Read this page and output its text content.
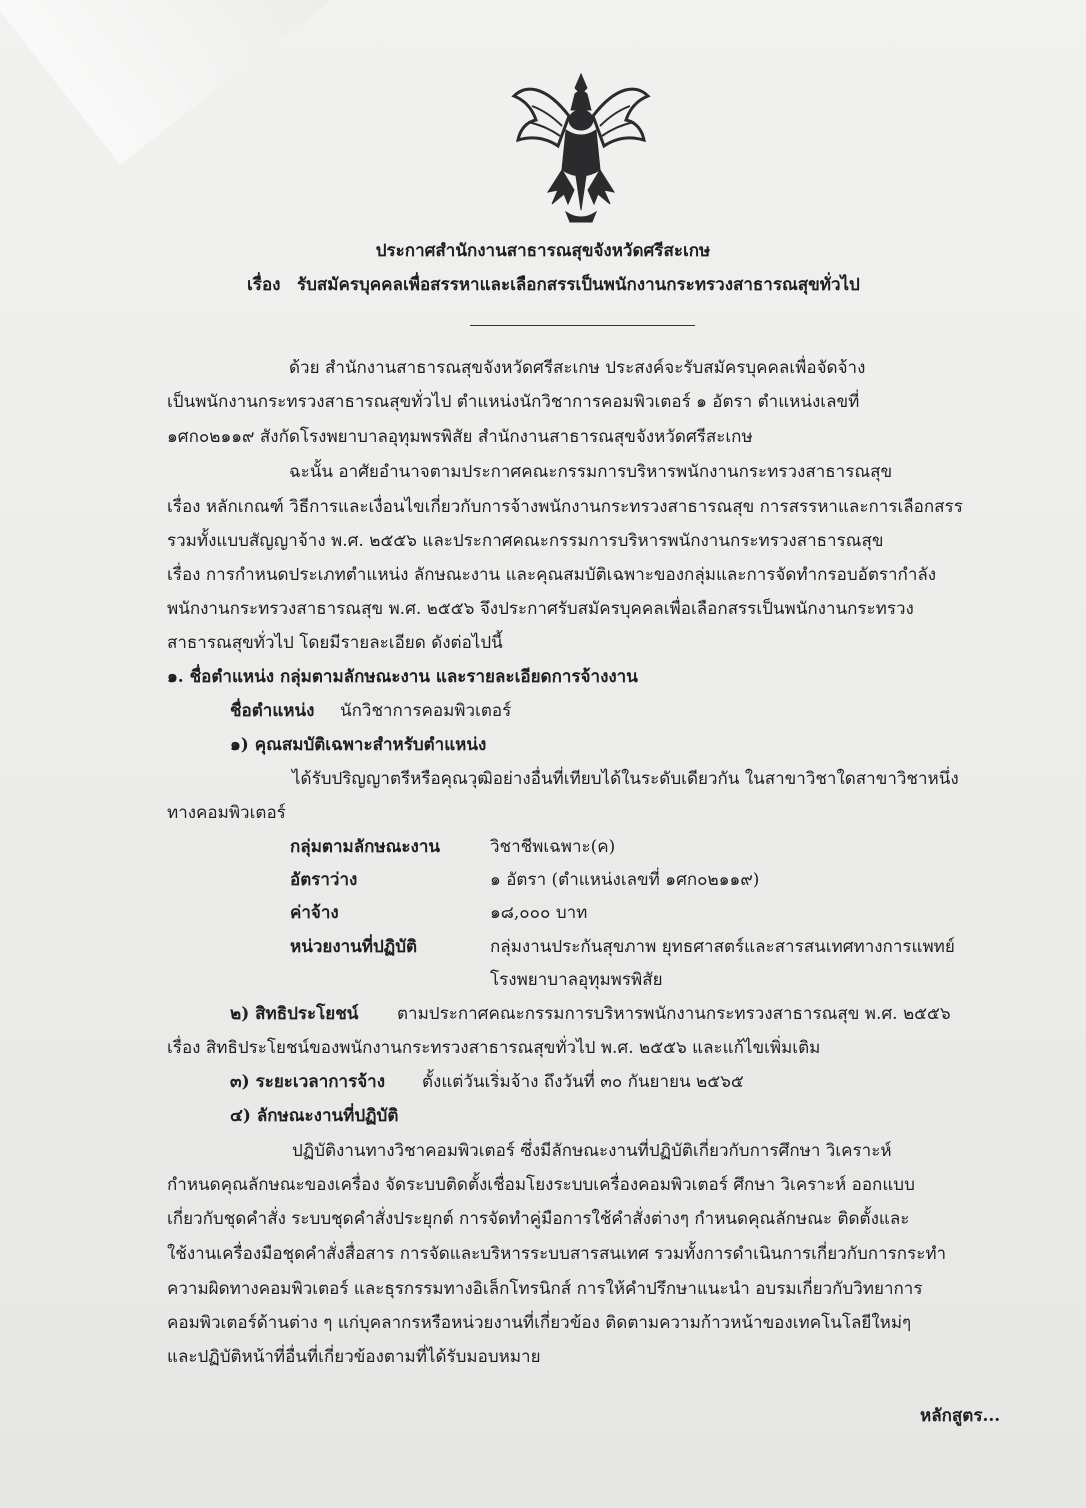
ประกาศสำนักงานสาธารณสุขจังหวัดศรีสะเกษ
เรื่อง รับสมัครบุคคลเพื่อสรรหาและเลือกสรรเป็นพนักงานกระทรวงสาธารณสุขทั่วไป
ด้วย สำนักงานสาธารณสุขจังหวัดศรีสะเกษ ประสงค์จะรับสมัครบุคคลเพื่อจัดจ้าง
เป็นพนักงานกระทรวงสาธารณสุขทั่วไป ตำแหน่งนักวิชาการคอมพิวเตอร์ ๑ อัตรา ตำแหน่งเลขที่
๑ศก๐๒๑๑๙ สังกัดโรงพยาบาลอุทุมพรพิสัย สำนักงานสาธารณสุขจังหวัดศรีสะเกษ
ฉะนั้น อาศัยอำนาจตามประกาศคณะกรรมการบริหารพนักงานกระทรวงสาธารณสุข
เรื่อง หลักเกณฑ์ วิธีการและเงื่อนไขเกี่ยวกับการจ้างพนักงานกระทรวงสาธารณสุข การสรรหาและการเลือกสรร
รวมทั้งแบบสัญญาจ้าง พ.ศ. ๒๕๕๖ และประกาศคณะกรรมการบริหารพนักงานกระทรวงสาธารณสุข
เรื่อง การกำหนดประเภทตำแหน่ง ลักษณะงาน และคุณสมบัติเฉพาะของกลุ่มและการจัดทำกรอบอัตรากำลัง
พนักงานกระทรวงสาธารณสุข พ.ศ. ๒๕๕๖ จึงประกาศรับสมัครบุคคลเพื่อเลือกสรรเป็นพนักงานกระทรวง
สาธารณสุขทั่วไป โดยมีรายละเอียด ดังต่อไปนี้
๑. ชื่อตำแหน่ง กลุ่มตามลักษณะงาน และรายละเอียดการจ้างงาน
ชื่อตำแหน่ง นักวิชาการคอมพิวเตอร์
๑) คุณสมบัติเฉพาะสำหรับตำแหน่ง
ได้รับปริญญาตรีหรือคุณวุฒิอย่างอื่นที่เทียบได้ในระดับเดียวกัน ในสาขาวิชาใดสาขาวิชาหนึ่ง
ทางคอมพิวเตอร์
กลุ่มตามลักษณะงาน	วิชาชีพเฉพาะ(ค)
อัตราว่าง	๑ อัตรา (ตำแหน่งเลขที่ ๑ศก๐๒๑๑๙)
ค่าจ้าง	๑๘,๐๐๐ บาท
หน่วยงานที่ปฏิบัติ	กลุ่มงานประกันสุขภาพ ยุทธศาสตร์และสารสนเทศทางการแพทย์
โรงพยาบาลอุทุมพรพิสัย
๒) สิทธิประโยชน์ ตามประกาศคณะกรรมการบริหารพนักงานกระทรวงสาธารณสุข พ.ศ. ๒๕๕๖
เรื่อง สิทธิประโยชน์ของพนักงานกระทรวงสาธารณสุขทั่วไป พ.ศ. ๒๕๕๖ และแก้ไขเพิ่มเติม
๓) ระยะเวลาการจ้าง ตั้งแต่วันเริ่มจ้าง ถึงวันที่ ๓๐ กันยายน ๒๕๖๕
๔) ลักษณะงานที่ปฏิบัติ
ปฏิบัติงานทางวิชาคอมพิวเตอร์ ซึ่งมีลักษณะงานที่ปฏิบัติเกี่ยวกับการศึกษา วิเคราะห์
กำหนดคุณลักษณะของเครื่อง จัดระบบติดตั้งเชื่อมโยงระบบเครื่องคอมพิวเตอร์ ศึกษา วิเคราะห์ ออกแบบ
เกี่ยวกับชุดคำสั่ง ระบบชุดคำสั่งประยุกต์ การจัดทำคู่มือการใช้คำสั่งต่างๆ กำหนดคุณลักษณะ ติดตั้งและ
ใช้งานเครื่องมือชุดคำสั่งสื่อสาร การจัดและบริหารระบบสารสนเทศ รวมทั้งการดำเนินการเกี่ยวกับการกระทำ
ความผิดทางคอมพิวเตอร์ และธุรกรรมทางอิเล็กโทรนิกส์ การให้คำปรึกษาแนะนำ อบรมเกี่ยวกับวิทยาการ
คอมพิวเตอร์ด้านต่าง ๆ แก่บุคลากรหรือหน่วยงานที่เกี่ยวข้อง ติดตามความก้าวหน้าของเทคโนโลยีใหม่ๆ
และปฏิบัติหน้าที่อื่นที่เกี่ยวข้องตามที่ได้รับมอบหมาย
หลักสูตร...
